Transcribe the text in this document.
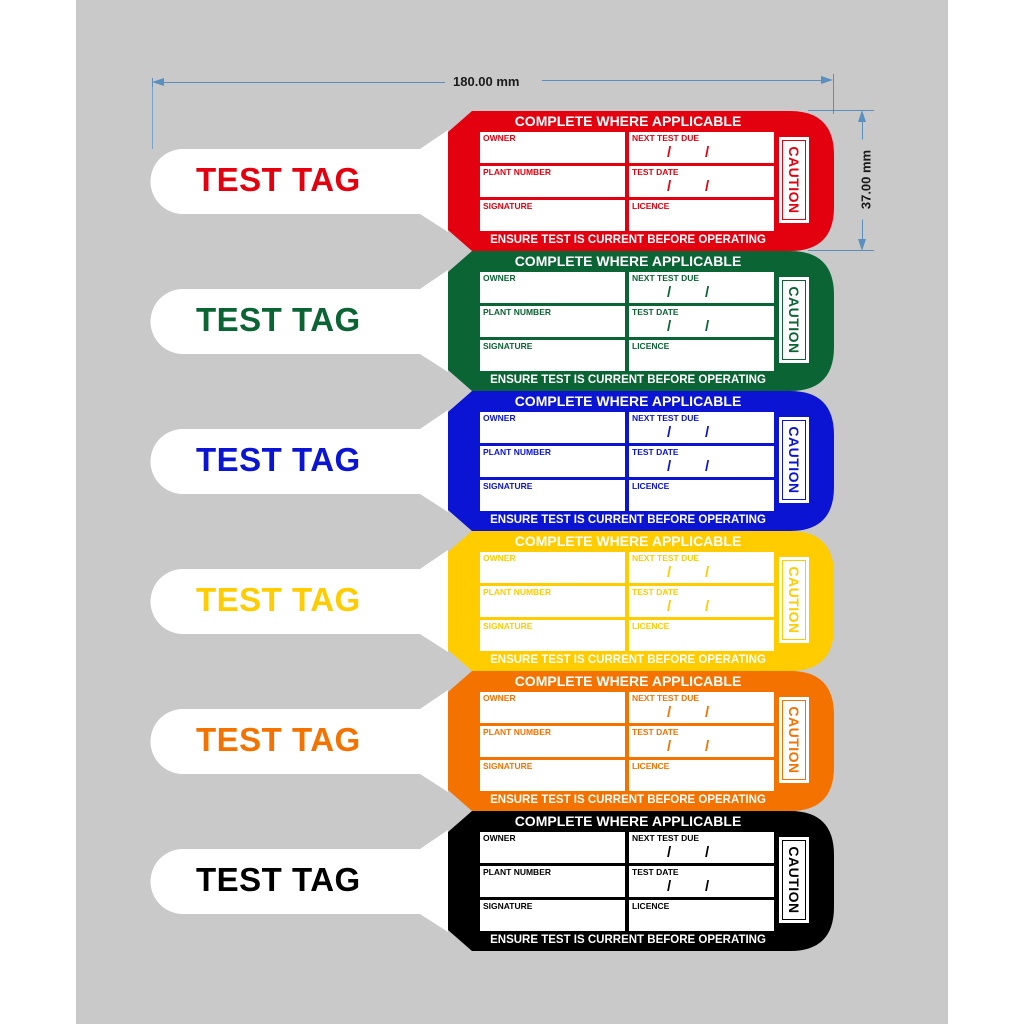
180.00 mm
37.00 mm
TEST TAG
COMPLETE WHERE APPLICABLE
OWNER	NEXT TEST DUE
/ /
PLANT NUMBER	TEST DATE
/ /
SIGNATURE	LICENCE	CAUTION
ENSURE TEST IS CURRENT BEFORE OPERATING
TEST TAG
COMPLETE WHERE APPLICABLE
OWNER	NEXT TEST DUE
/ /
PLANT NUMBER	TEST DATE
/ /
SIGNATURE	LICENCE	CAUTION
ENSURE TEST IS CURRENT BEFORE OPERATING
TEST TAG
COMPLETE WHERE APPLICABLE
OWNER	NEXT TEST DUE
/ /
PLANT NUMBER	TEST DATE
/ /
SIGNATURE	LICENCE	CAUTION
ENSURE TEST IS CURRENT BEFORE OPERATING
TEST TAG
COMPLETE WHERE APPLICABLE
OWNER	NEXT TEST DUE
/ /
PLANT NUMBER	TEST DATE
/ /
SIGNATURE	LICENCE	CAUTION
ENSURE TEST IS CURRENT BEFORE OPERATING
TEST TAG
COMPLETE WHERE APPLICABLE
OWNER	NEXT TEST DUE
/ /
PLANT NUMBER	TEST DATE
/ /
SIGNATURE	LICENCE	CAUTION
ENSURE TEST IS CURRENT BEFORE OPERATING
TEST TAG
COMPLETE WHERE APPLICABLE
OWNER	NEXT TEST DUE
/ /
PLANT NUMBER	TEST DATE
/ /
SIGNATURE	LICENCE	CAUTION
ENSURE TEST IS CURRENT BEFORE OPERATING
